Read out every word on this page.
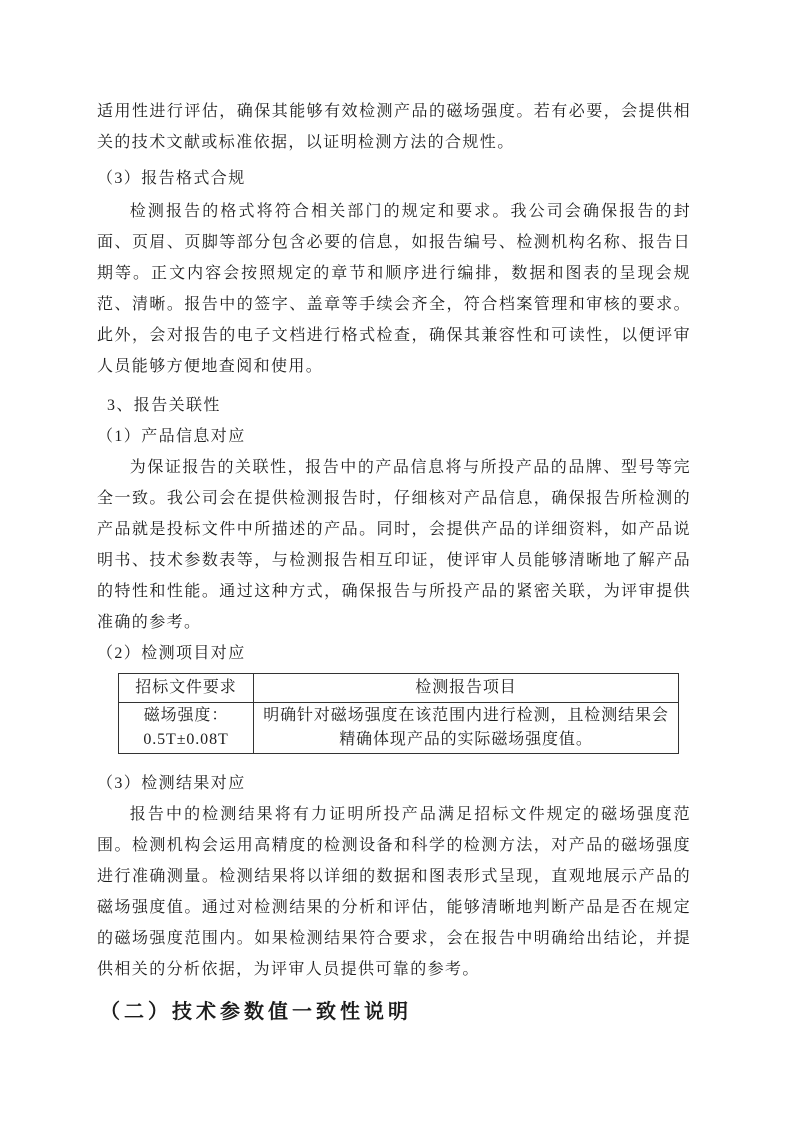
适用性进行评估，确保其能够有效检测产品的磁场强度。若有必要，会提供相关的技术文献或标准依据，以证明检测方法的合规性。

（3）报告格式合规

检测报告的格式将符合相关部门的规定和要求。我公司会确保报告的封面、页眉、页脚等部分包含必要的信息，如报告编号、检测机构名称、报告日期等。正文内容会按照规定的章节和顺序进行编排，数据和图表的呈现会规范、清晰。报告中的签字、盖章等手续会齐全，符合档案管理和审核的要求。此外，会对报告的电子文档进行格式检查，确保其兼容性和可读性，以便评审人员能够方便地查阅和使用。

3、报告关联性

（1）产品信息对应

为保证报告的关联性，报告中的产品信息将与所投产品的品牌、型号等完全一致。我公司会在提供检测报告时，仔细核对产品信息，确保报告所检测的产品就是投标文件中所描述的产品。同时，会提供产品的详细资料，如产品说明书、技术参数表等，与检测报告相互印证，使评审人员能够清晰地了解产品的特性和性能。通过这种方式，确保报告与所投产品的紧密关联，为评审提供准确的参考。

（2）检测项目对应

招标文件要求	检测报告项目

磁场强度：
0.5T±0.08T	明确针对磁场强度在该范围内进行检测，且检测结果会精确体现产品的实际磁场强度值。

（3）检测结果对应

报告中的检测结果将有力证明所投产品满足招标文件规定的磁场强度范围。检测机构会运用高精度的检测设备和科学的检测方法，对产品的磁场强度进行准确测量。检测结果将以详细的数据和图表形式呈现，直观地展示产品的磁场强度值。通过对检测结果的分析和评估，能够清晰地判断产品是否在规定的磁场强度范围内。如果检测结果符合要求，会在报告中明确给出结论，并提供相关的分析依据，为评审人员提供可靠的参考。

（二）技术参数值一致性说明
